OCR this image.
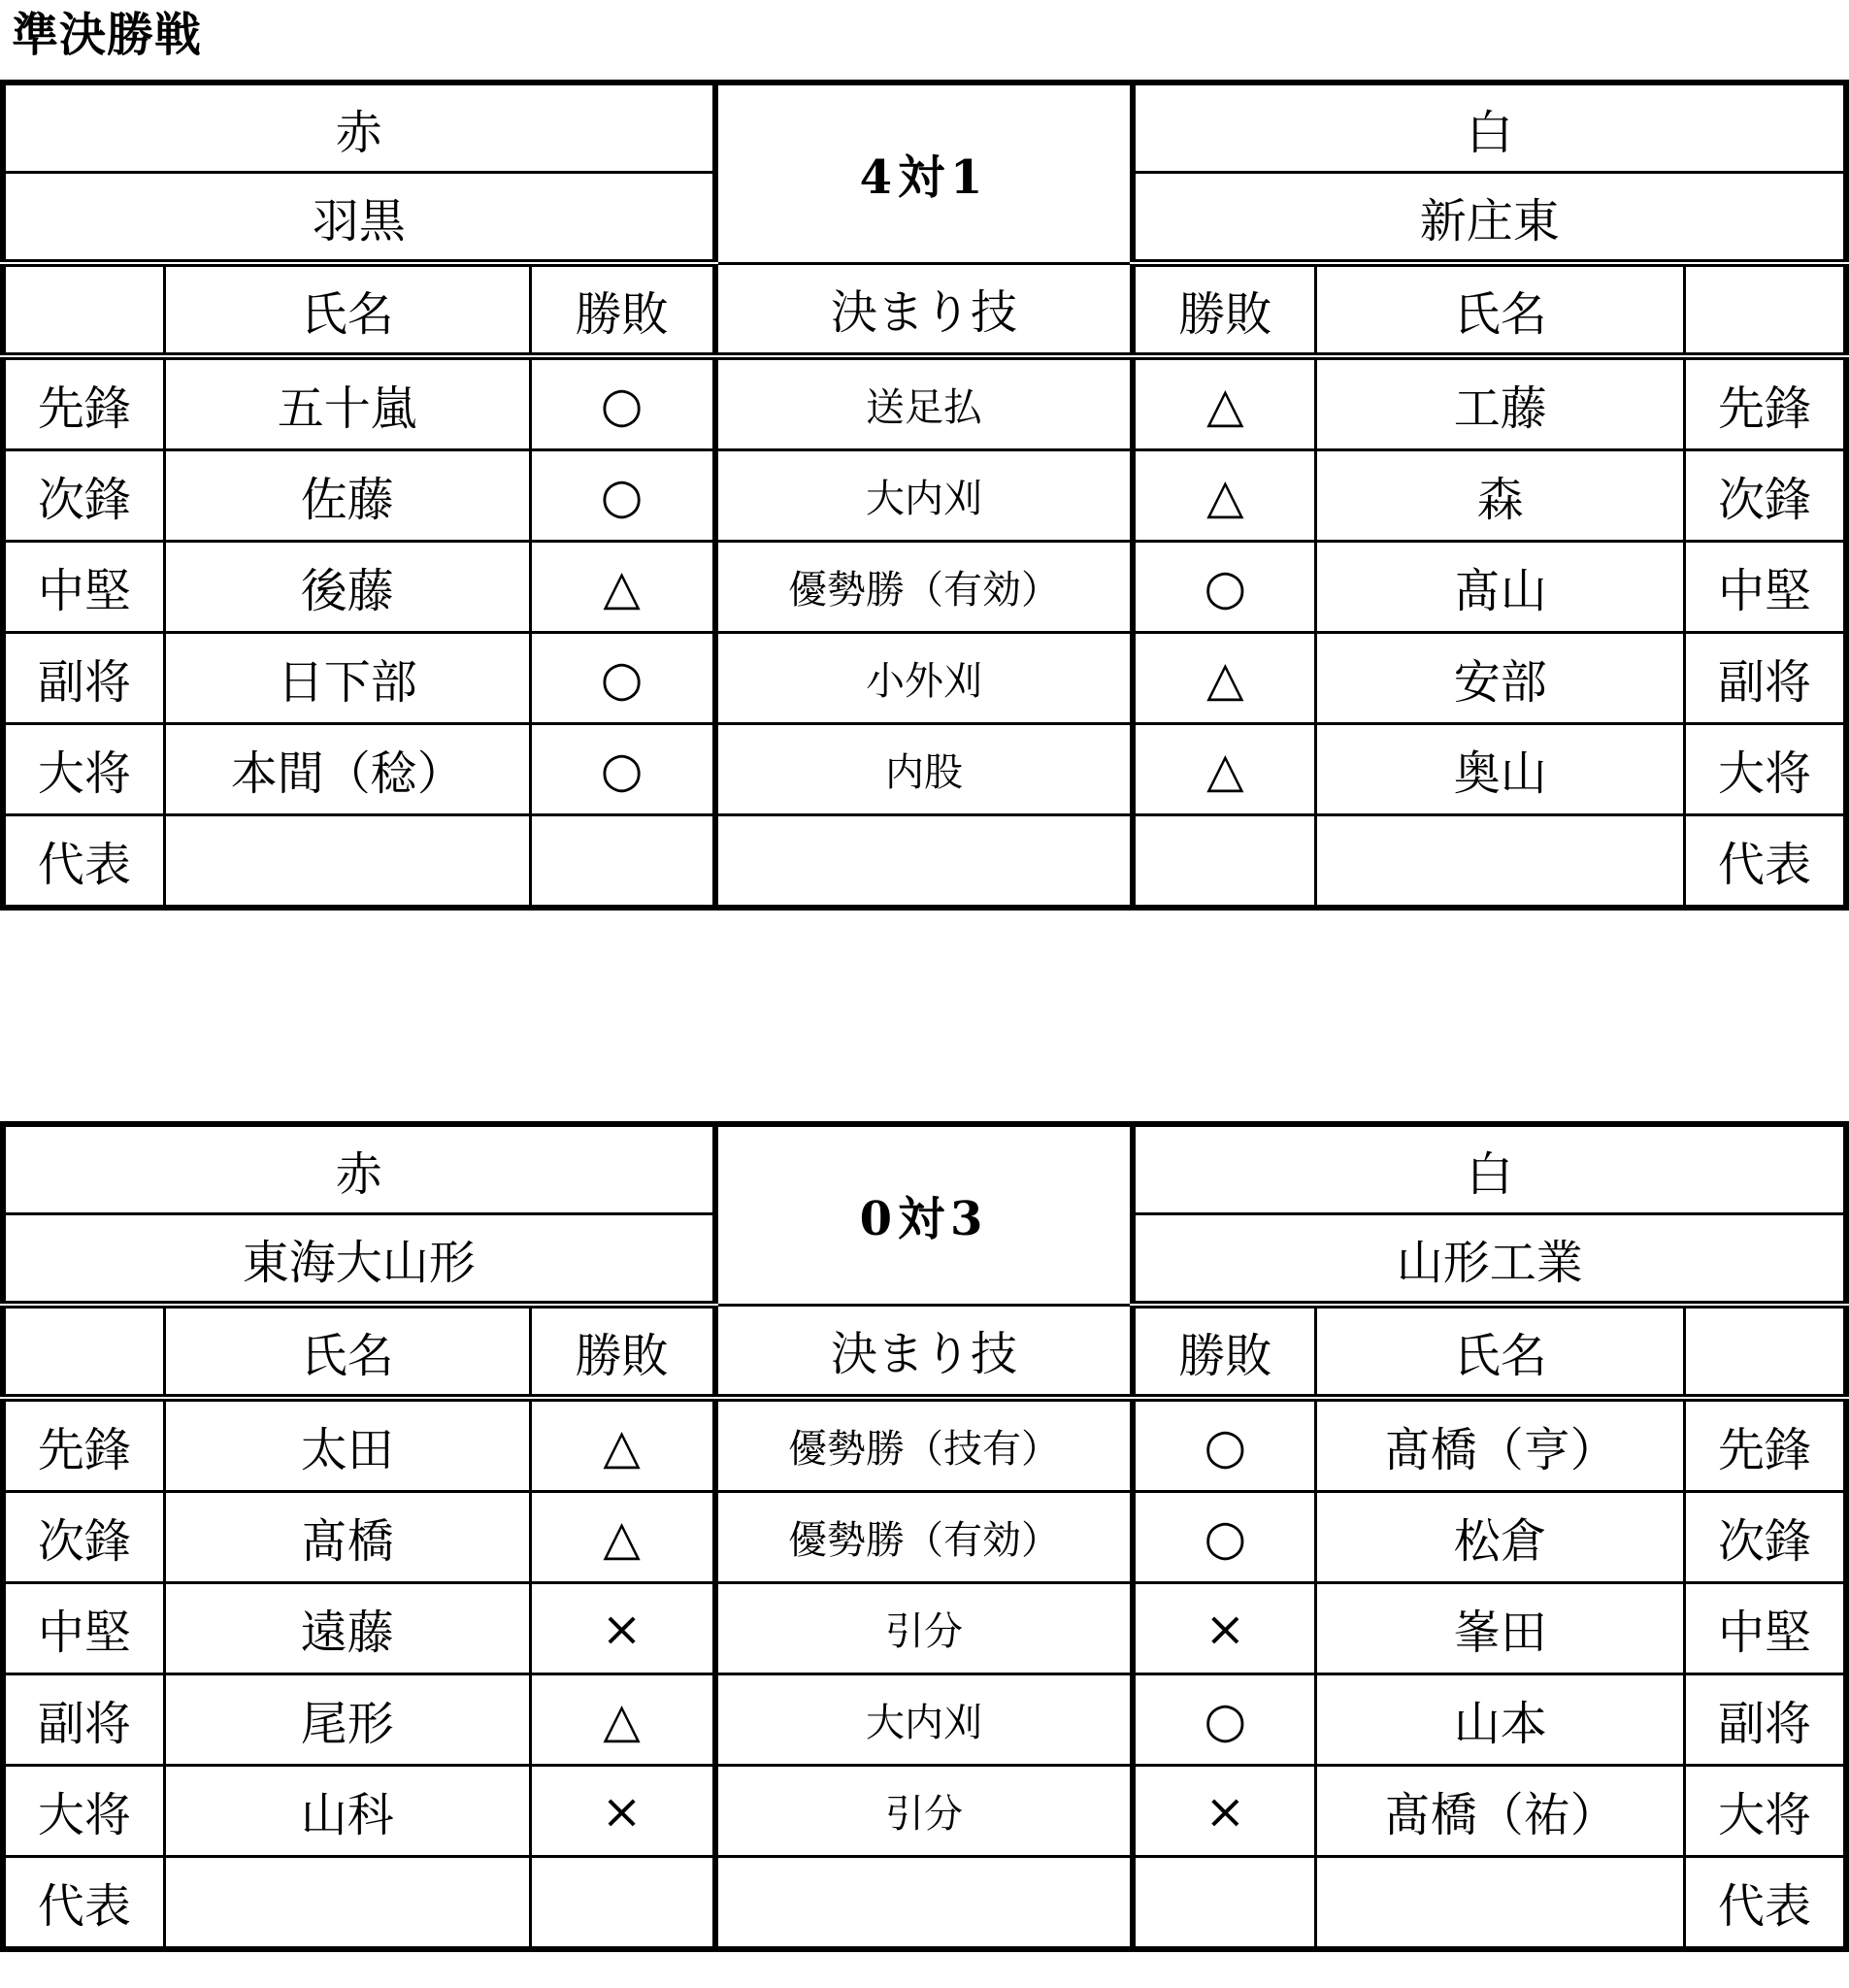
準決勝戦
赤			4対1	白		
羽黒				新庄東		
	氏名	勝敗	決まり技	勝敗	氏名	
先鋒	五十嵐	○	送足払	△	工藤	先鋒
次鋒	佐藤	○	大内刈	△	森	次鋒
中堅	後藤	△	優勢勝（有効）	○	髙山	中堅
副将	日下部	○	小外刈	△	安部	副将
大将	本間（稔）	○	内股	△	奥山	大将
代表						代表
赤			0対3	白		
東海大山形				山形工業		
	氏名	勝敗	決まり技	勝敗	氏名	
先鋒	太田	△	優勢勝（技有）	○	髙橋（亨）	先鋒
次鋒	髙橋	△	優勢勝（有効）	○	松倉	次鋒
中堅	遠藤	×	引分	×	峯田	中堅
副将	尾形	△	大内刈	○	山本	副将
大将	山科	×	引分	×	髙橋（祐）	大将
代表						代表
